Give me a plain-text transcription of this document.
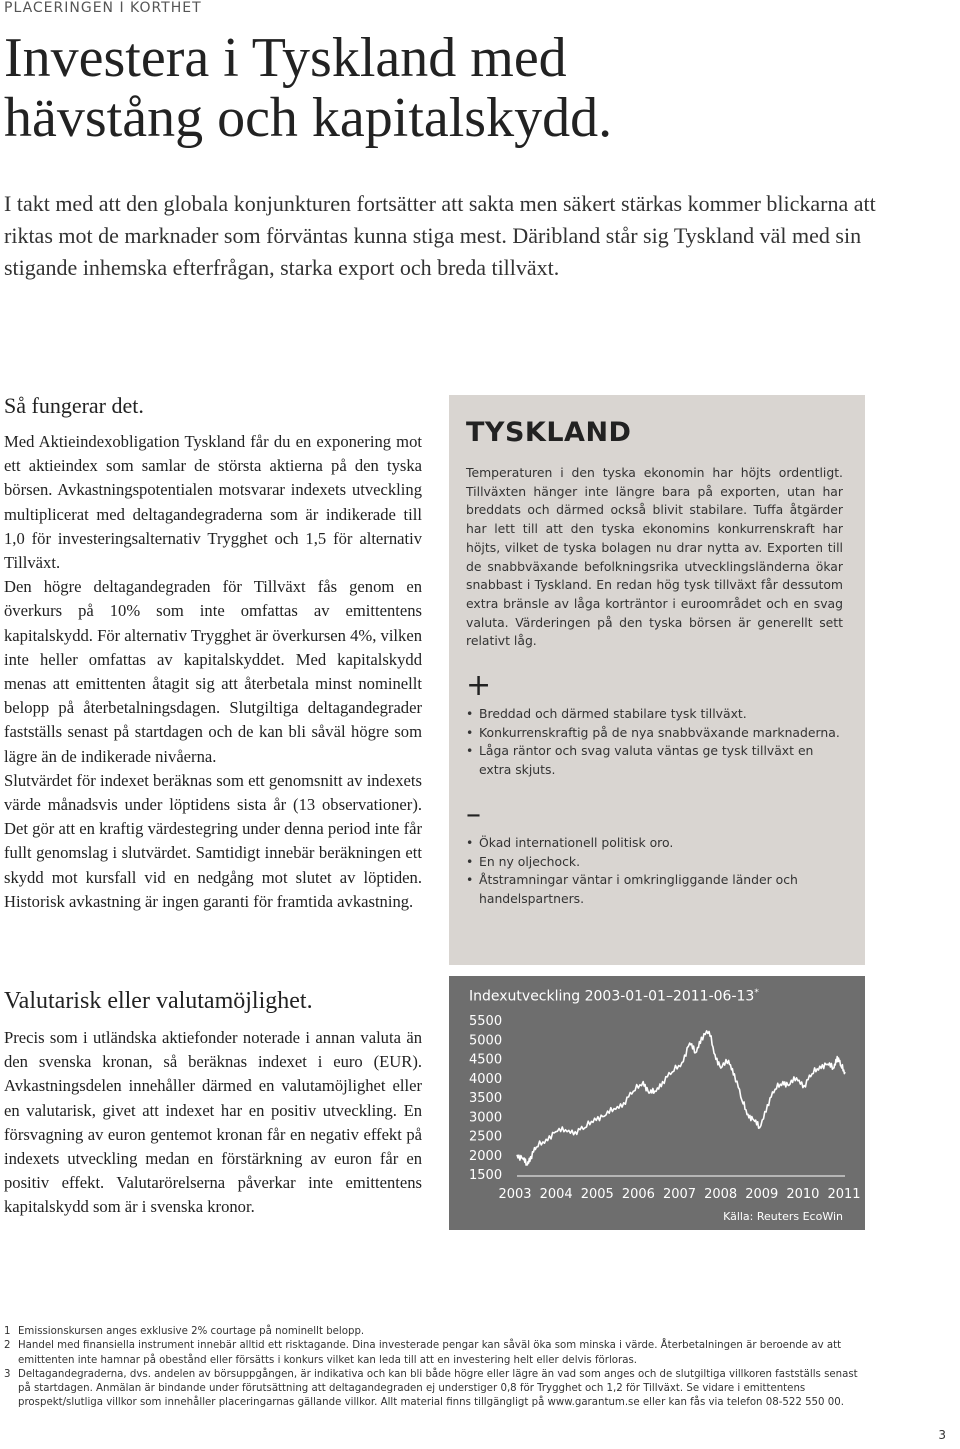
PLACERINGEN I KORTHET
Investera i Tyskland med
hävstång och kapitalskydd.

I takt med att den globala konjunkturen fortsätter att sakta men säkert stärkas kommer blickarna att riktas mot de marknader som förväntas kunna stiga mest. Däribland står sig Tyskland väl med sin stigande inhemska efterfrågan, starka export och breda tillväxt.

Så fungerar det.

Med Aktieindexobligation Tyskland får du en exponering mot ett aktieindex som samlar de största aktierna på den tyska börsen. Avkastningspotentialen motsvarar indexets utveckling multiplicerat med deltagandegraderna som är indikerade till 1,0 för investeringsalternativ Trygghet och 1,5 för alternativ Tillväxt.

Den högre deltagandegraden för Tillväxt fås genom en överkurs på 10% som inte omfattas av emittentens kapitalskydd. För alternativ Trygghet är överkursen 4%, vilken inte heller omfattas av kapitalskyddet. Med kapitalskydd menas att emittenten åtagit sig att återbetala minst nominellt belopp på återbetalningsdagen. Slutgiltiga deltagandegrader fastställs senast på startdagen och de kan bli såväl högre som lägre än de indikerade nivåerna.

Slutvärdet för indexet beräknas som ett genomsnitt av indexets värde månadsvis under löptidens sista år (13 observationer). Det gör att en kraftig värdestegring under denna period inte får fullt genomslag i slutvärdet. Samtidigt innebär beräkningen ett skydd mot kursfall vid en nedgång mot slutet av löptiden. Historisk avkastning är ingen garanti för framtida avkastning.

Valutarisk eller valutamöjlighet.

Precis som i utländska aktiefonder noterade i annan valuta än den svenska kronan, så beräknas indexet i euro (EUR). Avkastningsdelen innehåller därmed en valutamöjlighet eller en valutarisk, givet att indexet har en positiv utveckling. En försvagning av euron gentemot kronan får en negativ effekt på indexets utveckling medan en förstärkning av euron får en positiv effekt. Valutarörelserna påverkar inte emittentens kapitalskydd som är i svenska kronor.

TYSKLAND

Temperaturen i den tyska ekonomin har höjts ordentligt. Tillväxten hänger inte längre bara på exporten, utan har breddats och därmed också blivit stabilare. Tuffa åtgärder har lett till att den tyska ekonomins konkurrenskraft har höjts, vilket de tyska bolagen nu drar nytta av. Exporten till de snabbväxande befolkningsrika utvecklingsländerna ökar snabbast i Tyskland. En redan hög tysk tillväxt får dessutom extra bränsle av låga korträntor i euroområdet och en svag valuta. Värderingen på den tyska börsen är generellt sett relativt låg.

+
• Breddad och därmed stabilare tysk tillväxt.
• Konkurrenskraftig på de nya snabbväxande marknaderna.
• Låga räntor och svag valuta väntas ge tysk tillväxt en extra skjuts.
–
• Ökad internationell politisk oro.
• En ny oljechock.
• Åtstramningar väntar i omkringliggande länder och handelspartners.
Indexutveckling 2003-01-01–2011-06-13*
5500
5000
4500
4000
3500
3000
2500
2000
1500
2003 2004 2005 2006 2007 2008 2009 2010 2011
Källa: Reuters EcoWin
1 Emissionskursen anges exklusive 2% courtage på nominellt belopp.
2 Handel med finansiella instrument innebär alltid ett risktagande. Dina investerade pengar kan såväl öka som minska i värde. Återbetalningen är beroende av att emittenten inte hamnar på obestånd eller försätts i konkurs vilket kan leda till att en investering helt eller delvis förloras.
3 Deltagandegraderna, dvs. andelen av börsuppgången, är indikativa och kan bli både högre eller lägre än vad som anges och de slutgiltiga villkoren fastställs senast på startdagen. Anmälan är bindande under förutsättning att deltagandegraden ej understiger 0,8 för Trygghet och 1,2 för Tillväxt. Se vidare i emittentens prospekt/slutliga villkor som innehåller placeringarnas gällande villkor. Allt material finns tillgängligt på www.garantum.se eller kan fås via telefon 08-522 550 00.
3
